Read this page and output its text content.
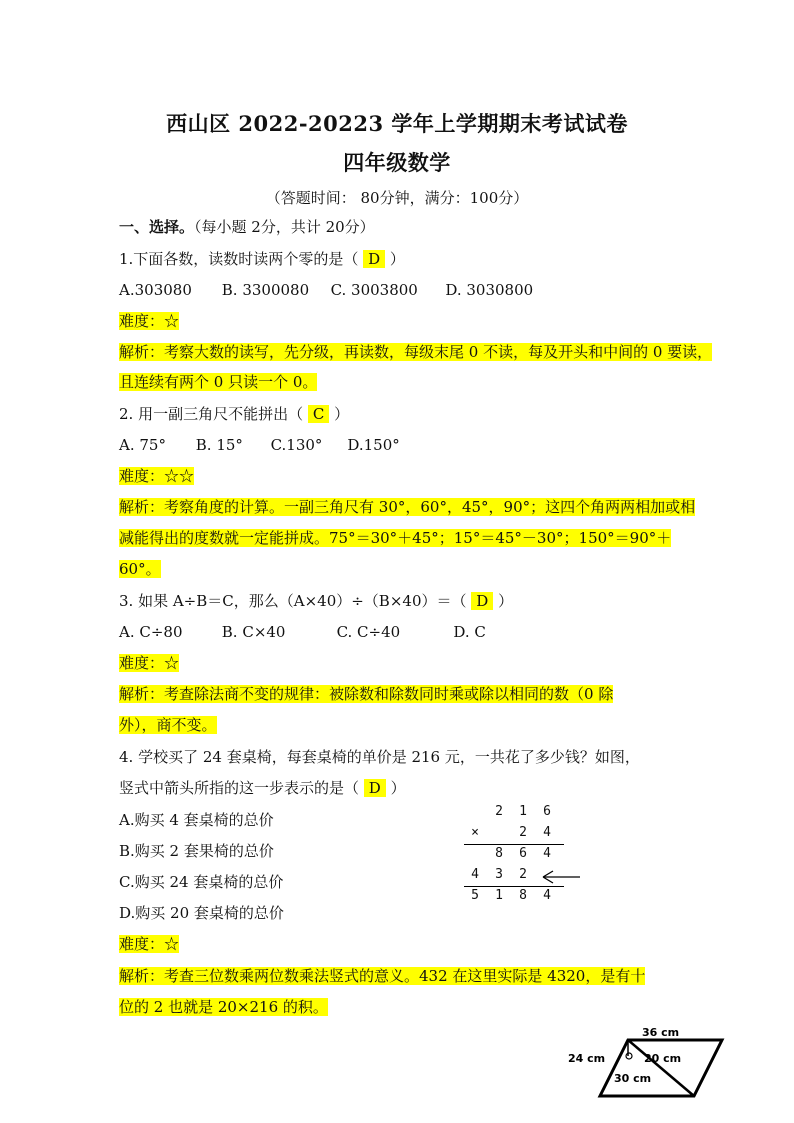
西山区 2022-20223 学年上学期期末考试试卷
四年级数学
（答题时间： 80分钟，满分：100分）
一、选择。（每小题 2分，共计 20分）
1.下面各数，读数时读两个零的是（ D ）
A.303080 B. 3300080 C. 3003800 D. 3030800
难度：☆
解析：考察大数的读写，先分级，再读数，每级末尾 0 不读，每及开头和中间的 0 要读，
且连续有两个 0 只读一个 0。
2. 用一副三角尺不能拼出（ C ）
A. 75° B. 15° C.130° D.150°
难度：☆☆
解析：考察角度的计算。一副三角尺有 30°，60°，45°，90°；这四个角两两相加或相
减能得出的度数就一定能拼成。75°＝30°＋45°；15°＝45°－30°；150°＝90°＋
60°。
3. 如果 A÷B＝C，那么（A×40）÷（B×40）＝（ D ）
A. C÷80	B. C×40	C. C÷40	D. C
难度：☆
解析：考查除法商不变的规律：被除数和除数同时乘或除以相同的数（0 除
外），商不变。
4. 学校买了 24 套桌椅，每套桌椅的单价是 216 元，一共花了多少钱？如图，
竖式中箭头所指的这一步表示的是（ D ）
A.购买 4 套桌椅的总价
B.购买 2 套果椅的总价
C.购买 24 套桌椅的总价
D.购买 20 套桌椅的总价
2 1 6
×	2 4
8 6 4
4 3 2
5 1 8 4
难度：☆
解析：考查三位数乘两位数乘法竖式的意义。432 在这里实际是 4320，是有十
位的 2 也就是 20×216 的积。
36 cm
24 cm	20 cm
30 cm
